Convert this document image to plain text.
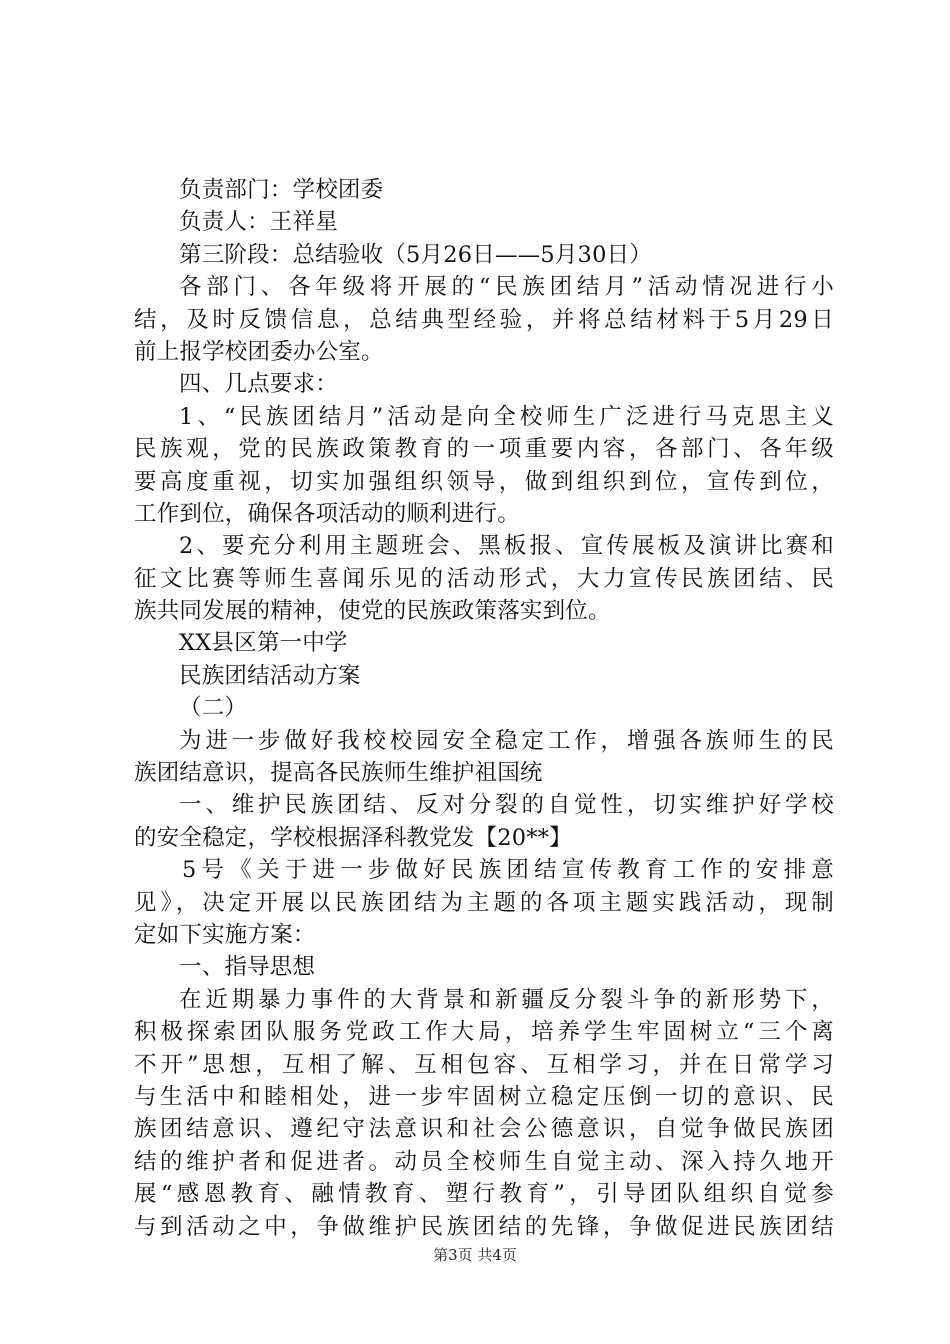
负责部门：学校团委
负责人：王祥星
第三阶段：总结验收（5月26日——5月30日）
各部门、各年级将开展的“民族团结月”活动情况进行小
结，及时反馈信息，总结典型经验，并将总结材料于5月29日
前上报学校团委办公室。
四、几点要求：
1、“民族团结月”活动是向全校师生广泛进行马克思主义
民族观，党的民族政策教育的一项重要内容，各部门、各年级
要高度重视，切实加强组织领导，做到组织到位，宣传到位，
工作到位，确保各项活动的顺利进行。
2、要充分利用主题班会、黑板报、宣传展板及演讲比赛和
征文比赛等师生喜闻乐见的活动形式，大力宣传民族团结、民
族共同发展的精神，使党的民族政策落实到位。
XX县区第一中学
民族团结活动方案
（二）
为进一步做好我校校园安全稳定工作，增强各族师生的民
族团结意识，提高各民族师生维护祖国统
一、维护民族团结、反对分裂的自觉性，切实维护好学校
的安全稳定，学校根据泽科教党发【20**】
5号《关于进一步做好民族团结宣传教育工作的安排意
见》，决定开展以民族团结为主题的各项主题实践活动，现制
定如下实施方案：
一、指导思想
在近期暴力事件的大背景和新疆反分裂斗争的新形势下，
积极探索团队服务党政工作大局，培养学生牢固树立“三个离
不开”思想，互相了解、互相包容、互相学习，并在日常学习
与生活中和睦相处，进一步牢固树立稳定压倒一切的意识、民
族团结意识、遵纪守法意识和社会公德意识，自觉争做民族团
结的维护者和促进者。动员全校师生自觉主动、深入持久地开
展“感恩教育、融情教育、塑行教育”，引导团队组织自觉参
与到活动之中，争做维护民族团结的先锋，争做促进民族团结
第3页 共4页
